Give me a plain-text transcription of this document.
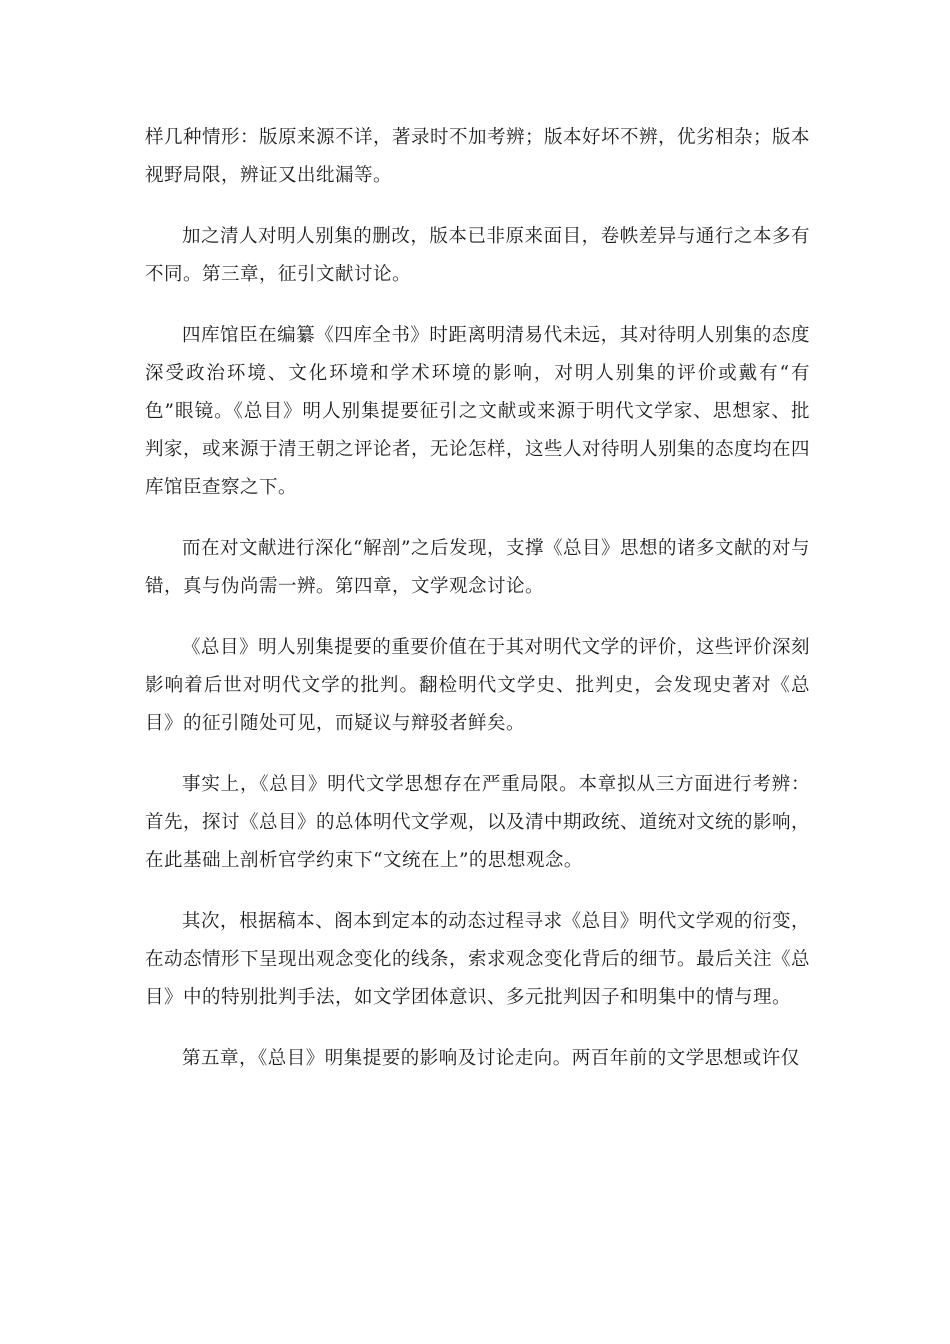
样几种情形：版原来源不详，著录时不加考辨；版本好坏不辨，优劣相杂；版本视野局限，辨证又出纰漏等。

加之清人对明人别集的删改，版本已非原来面目，卷帙差异与通行之本多有不同。第三章，征引文献讨论。

四库馆臣在编纂《四库全书》时距离明清易代未远，其对待明人别集的态度深受政治环境、文化环境和学术环境的影响，对明人别集的评价或戴有“有色”眼镜。《总目》明人别集提要征引之文献或来源于明代文学家、思想家、批判家，或来源于清王朝之评论者，无论怎样，这些人对待明人别集的态度均在四库馆臣查察之下。

而在对文献进行深化“解剖”之后发现，支撑《总目》思想的诸多文献的对与错，真与伪尚需一辨。第四章，文学观念讨论。

《总目》明人别集提要的重要价值在于其对明代文学的评价，这些评价深刻影响着后世对明代文学的批判。翻检明代文学史、批判史，会发现史著对《总目》的征引随处可见，而疑议与辩驳者鲜矣。

事实上，《总目》明代文学思想存在严重局限。本章拟从三方面进行考辨：首先，探讨《总目》的总体明代文学观，以及清中期政统、道统对文统的影响，在此基础上剖析官学约束下“文统在上”的思想观念。

其次，根据稿本、阁本到定本的动态过程寻求《总目》明代文学观的衍变，在动态情形下呈现出观念变化的线条，索求观念变化背后的细节。最后关注《总目》中的特别批判手法，如文学团体意识、多元批判因子和明集中的情与理。

第五章，《总目》明集提要的影响及讨论走向。两百年前的文学思想或许仅
